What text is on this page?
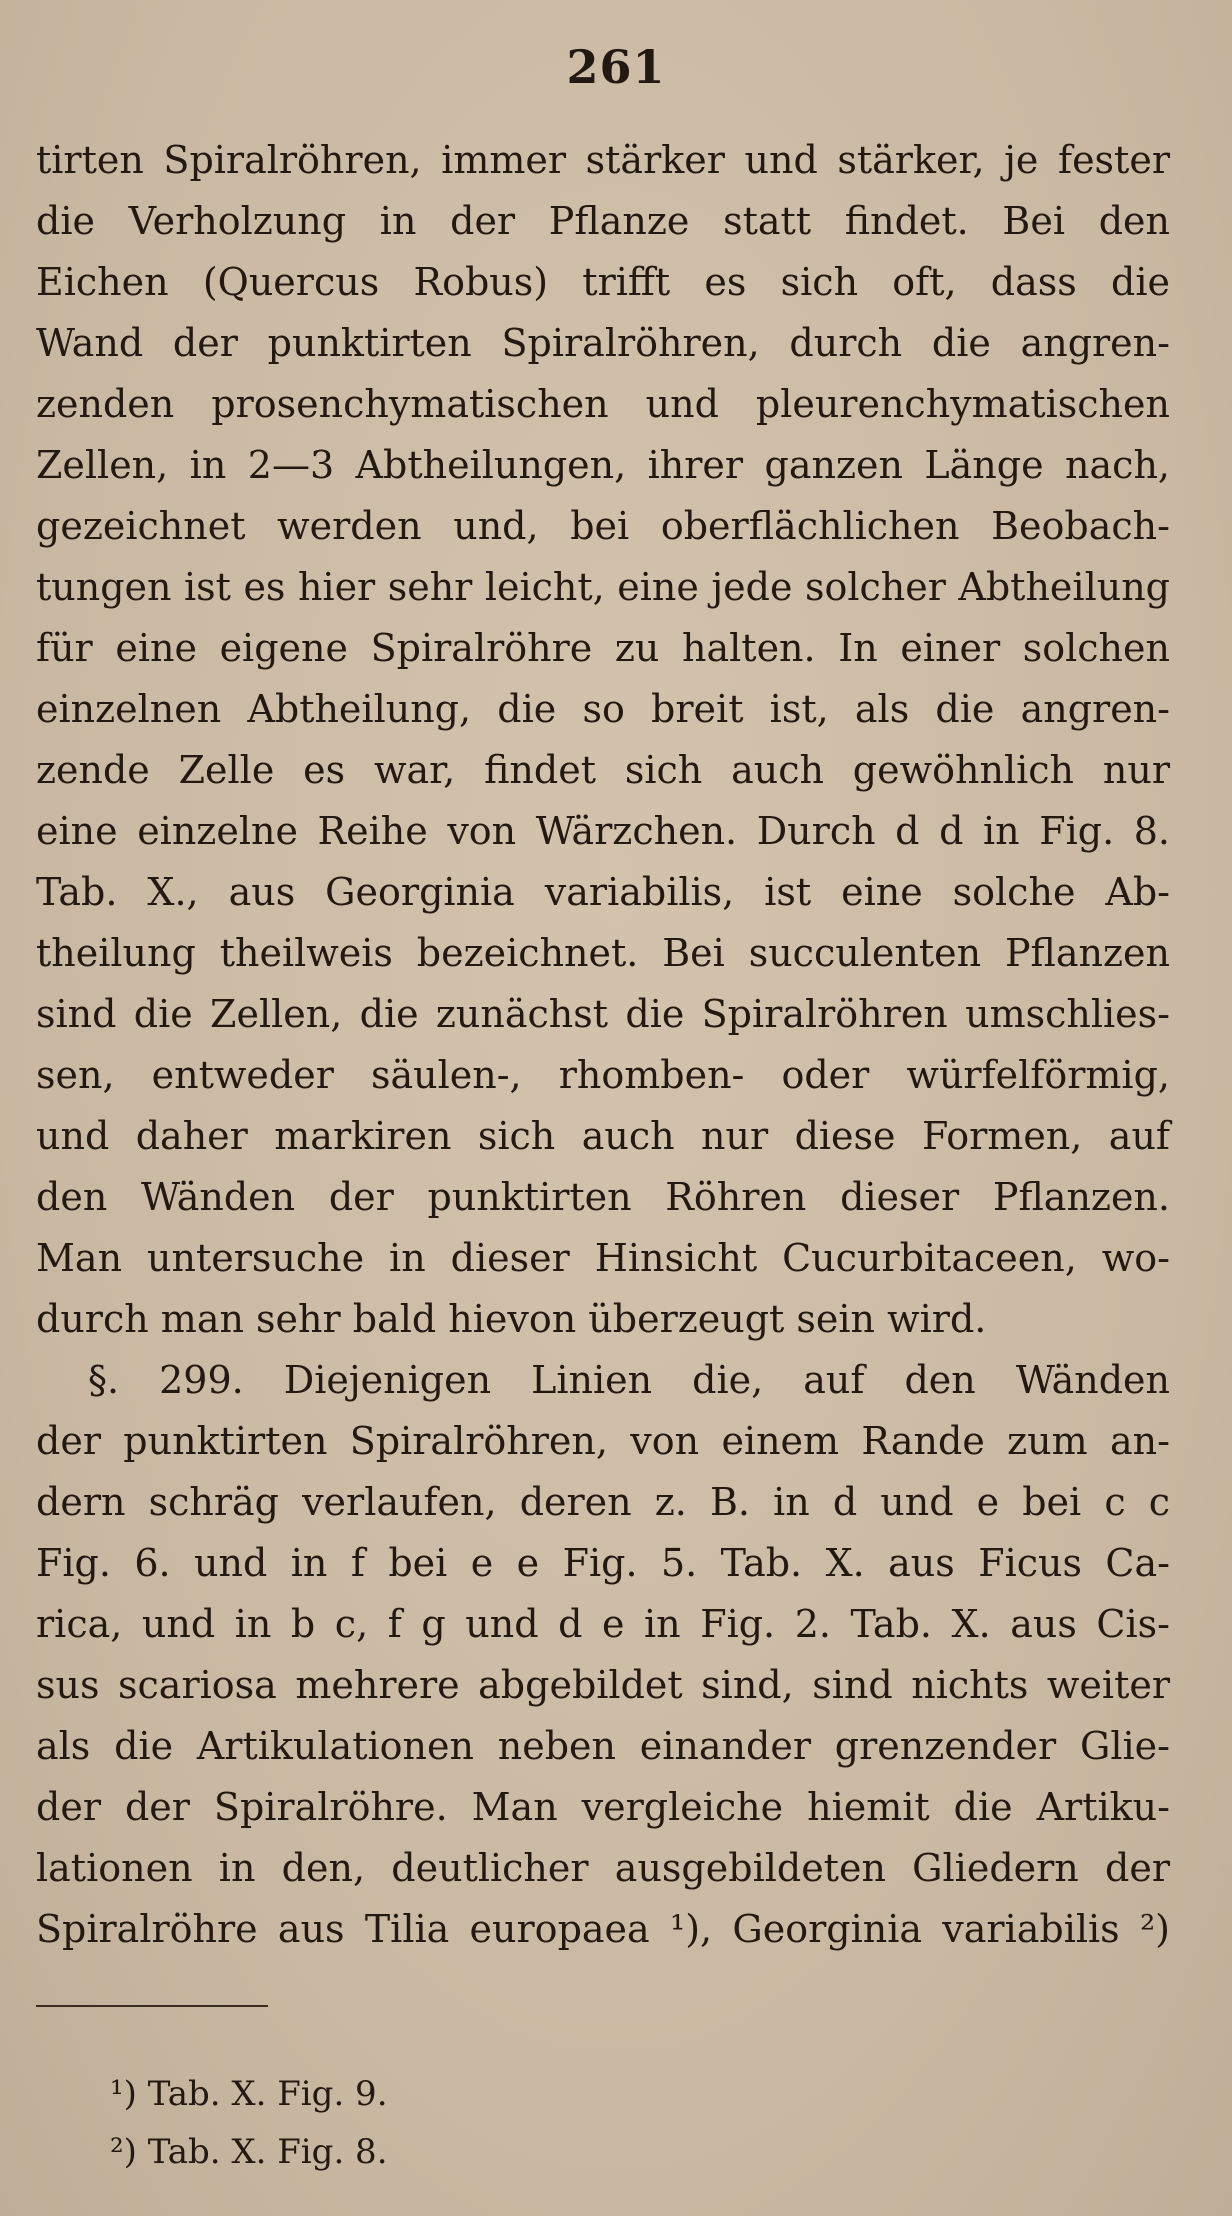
261
tirten Spiralröhren, immer stärker und stärker, je fester
die Verholzung in der Pflanze statt findet. Bei den
Eichen (Quercus Robus) trifft es sich oft, dass die
Wand der punktirten Spiralröhren, durch die angren-
zenden prosenchymatischen und pleurenchymatischen
Zellen, in 2—3 Abtheilungen, ihrer ganzen Länge nach,
gezeichnet werden und, bei oberflächlichen Beobach-
tungen ist es hier sehr leicht, eine jede solcher Abtheilung
für eine eigene Spiralröhre zu halten. In einer solchen
einzelnen Abtheilung, die so breit ist, als die angren-
zende Zelle es war, findet sich auch gewöhnlich nur
eine einzelne Reihe von Wärzchen. Durch d d in Fig. 8.
Tab. X., aus Georginia variabilis, ist eine solche Ab-
theilung theilweis bezeichnet. Bei succulenten Pflanzen
sind die Zellen, die zunächst die Spiralröhren umschlies-
sen, entweder säulen-, rhomben- oder würfelförmig,
und daher markiren sich auch nur diese Formen, auf
den Wänden der punktirten Röhren dieser Pflanzen.
Man untersuche in dieser Hinsicht Cucurbitaceen, wo-
durch man sehr bald hievon überzeugt sein wird.
§. 299. Diejenigen Linien die, auf den Wänden
der punktirten Spiralröhren, von einem Rande zum an-
dern schräg verlaufen, deren z. B. in d und e bei c c
Fig. 6. und in f bei e e Fig. 5. Tab. X. aus Ficus Ca-
rica, und in b c, f g und d e in Fig. 2. Tab. X. aus Cis-
sus scariosa mehrere abgebildet sind, sind nichts weiter
als die Artikulationen neben einander grenzender Glie-
der der Spiralröhre. Man vergleiche hiemit die Artiku-
lationen in den, deutlicher ausgebildeten Gliedern der
Spiralröhre aus Tilia europaea ¹), Georginia variabilis ²)
¹) Tab. X. Fig. 9.
²) Tab. X. Fig. 8.
